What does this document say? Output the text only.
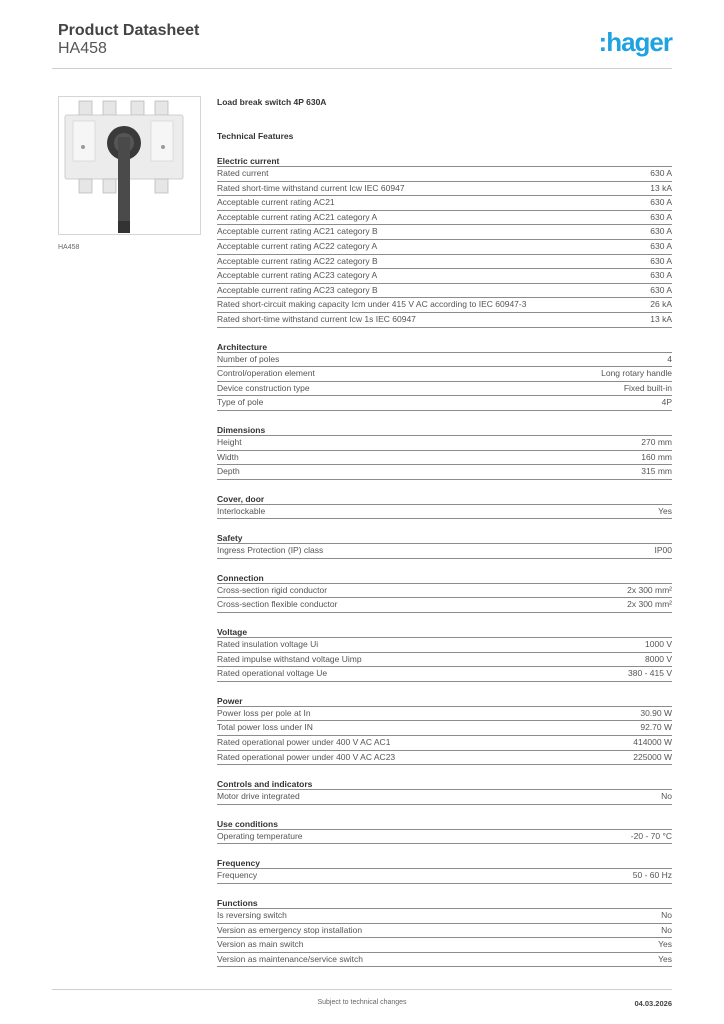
Product Datasheet
HA458	:hager
HA458
Load break switch 4P 630A
Technical Features
Electric current
Rated current	630 A
Rated short-time withstand current Icw IEC 60947	13 kA
Acceptable current rating AC21	630 A
Acceptable current rating AC21 category A	630 A
Acceptable current rating AC21 category B	630 A
Acceptable current rating AC22 category A	630 A
Acceptable current rating AC22 category B	630 A
Acceptable current rating AC23 category A	630 A
Acceptable current rating AC23 category B	630 A
Rated short-circuit making capacity Icm under 415 V AC according to IEC 60947-3	26 kA
Rated short-time withstand current Icw 1s IEC 60947	13 kA
Architecture
Number of poles	4
Control/operation element	Long rotary handle
Device construction type	Fixed built-in
Type of pole	4P
Dimensions
Height	270 mm
Width	160 mm
Depth	315 mm
Cover, door
Interlockable	Yes
Safety
Ingress Protection (IP) class	IP00
Connection
Cross-section rigid conductor	2x 300 mm²
Cross-section flexible conductor	2x 300 mm²
Voltage
Rated insulation voltage Ui	1000 V
Rated impulse withstand voltage Uimp	8000 V
Rated operational voltage Ue	380 - 415 V
Power
Power loss per pole at In	30.90 W
Total power loss under IN	92.70 W
Rated operational power under 400 V AC AC1	414000 W
Rated operational power under 400 V AC AC23	225000 W
Controls and indicators
Motor drive integrated	No
Use conditions
Operating temperature	-20 - 70 °C
Frequency
Frequency	50 - 60 Hz
Functions
Is reversing switch	No
Version as emergency stop installation	No
Version as main switch	Yes
Version as maintenance/service switch	Yes
Subject to technical changes	04.03.2026
